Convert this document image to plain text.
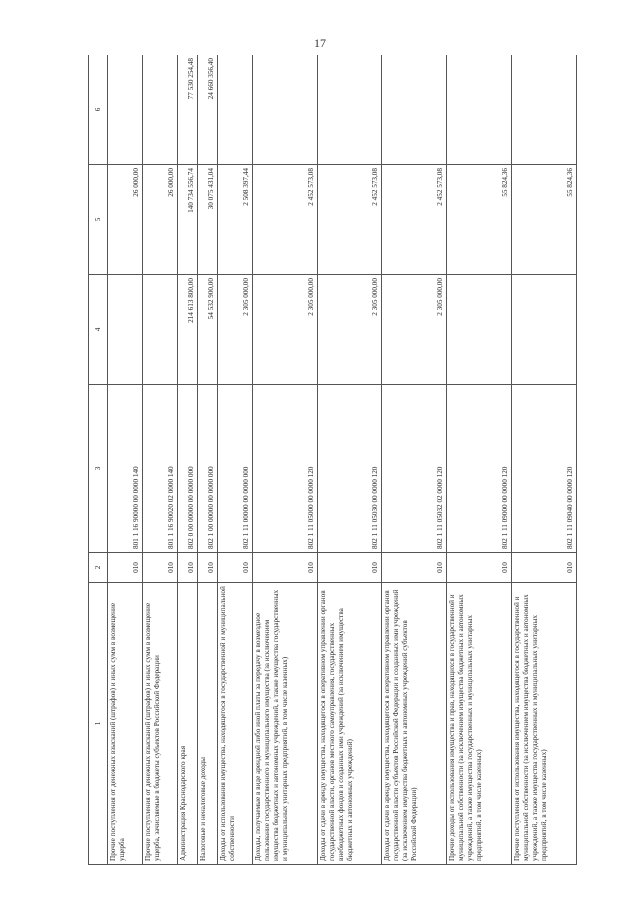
17
1	2	3	4	5	6
Прочие поступления от денежных взысканий (штрафов) и иных сумм в возмещение ущерба	010	801 1 16 90000 00 0000 140		26 000,00	
Прочие поступления от денежных взысканий (штрафов) и иных сумм в возмещение ущерба, зачисляемые в бюджеты субъектов Российской Федерации	010	801 1 16 90020 02 0000 140		26 000,00	
Администрация Краснодарского края	010	802 0 00 00000 00 0000 000	214 613 800,00	140 734 556,74	77 530 254,48
Налоговые и неналоговые доходы	010	802 1 00 00000 00 0000 000	54 532 900,00	30 075 431,04	24 660 356,40
Доходы от использования имущества, находящегося в государственной и муниципальной собственности	010	802 1 11 00000 00 0000 000	2 305 000,00	2 508 397,44	
Доходы, получаемые в виде арендной либо иной платы за передачу в возмездное пользование государственного и муниципального имущества (за исключением имущества бюджетных и автономных учреждений, а также имущества государственных и муниципальных унитарных предприятий, в том числе казенных)	010	802 1 11 05000 00 0000 120	2 305 000,00	2 452 573,08	
Доходы от сдачи в аренду имущества, находящегося в оперативном управлении органов государственной власти, органов местного самоуправления, государственных внебюджетных фондов и созданных ими учреждений (за исключением имущества бюджетных и автономных учреждений)	010	802 1 11 05030 00 0000 120	2 305 000,00	2 452 573,08	
Доходы от сдачи в аренду имущества, находящегося в оперативном управлении органов государственной власти субъектов Российской Федерации и созданных ими учреждений (за исключением имущества бюджетных и автономных учреждений субъектов Российской Федерации)	010	802 1 11 05032 02 0000 120	2 305 000,00	2 452 573,08	
Прочие доходы от использования имущества и прав, находящихся в государственной и муниципальной собственности (за исключением имущества бюджетных и автономных учреждений, а также имущества государственных и муниципальных унитарных предприятий, в том числе казенных)	010	802 1 11 09000 00 0000 120		55 824,36	
Прочие поступления от использования имущества, находящегося в государственной и муниципальной собственности (за исключением имущества бюджетных и автономных учреждений, а также имущества государственных и муниципальных унитарных предприятий, в том числе казенных)	010	802 1 11 09040 00 0000 120		55 824,36	
